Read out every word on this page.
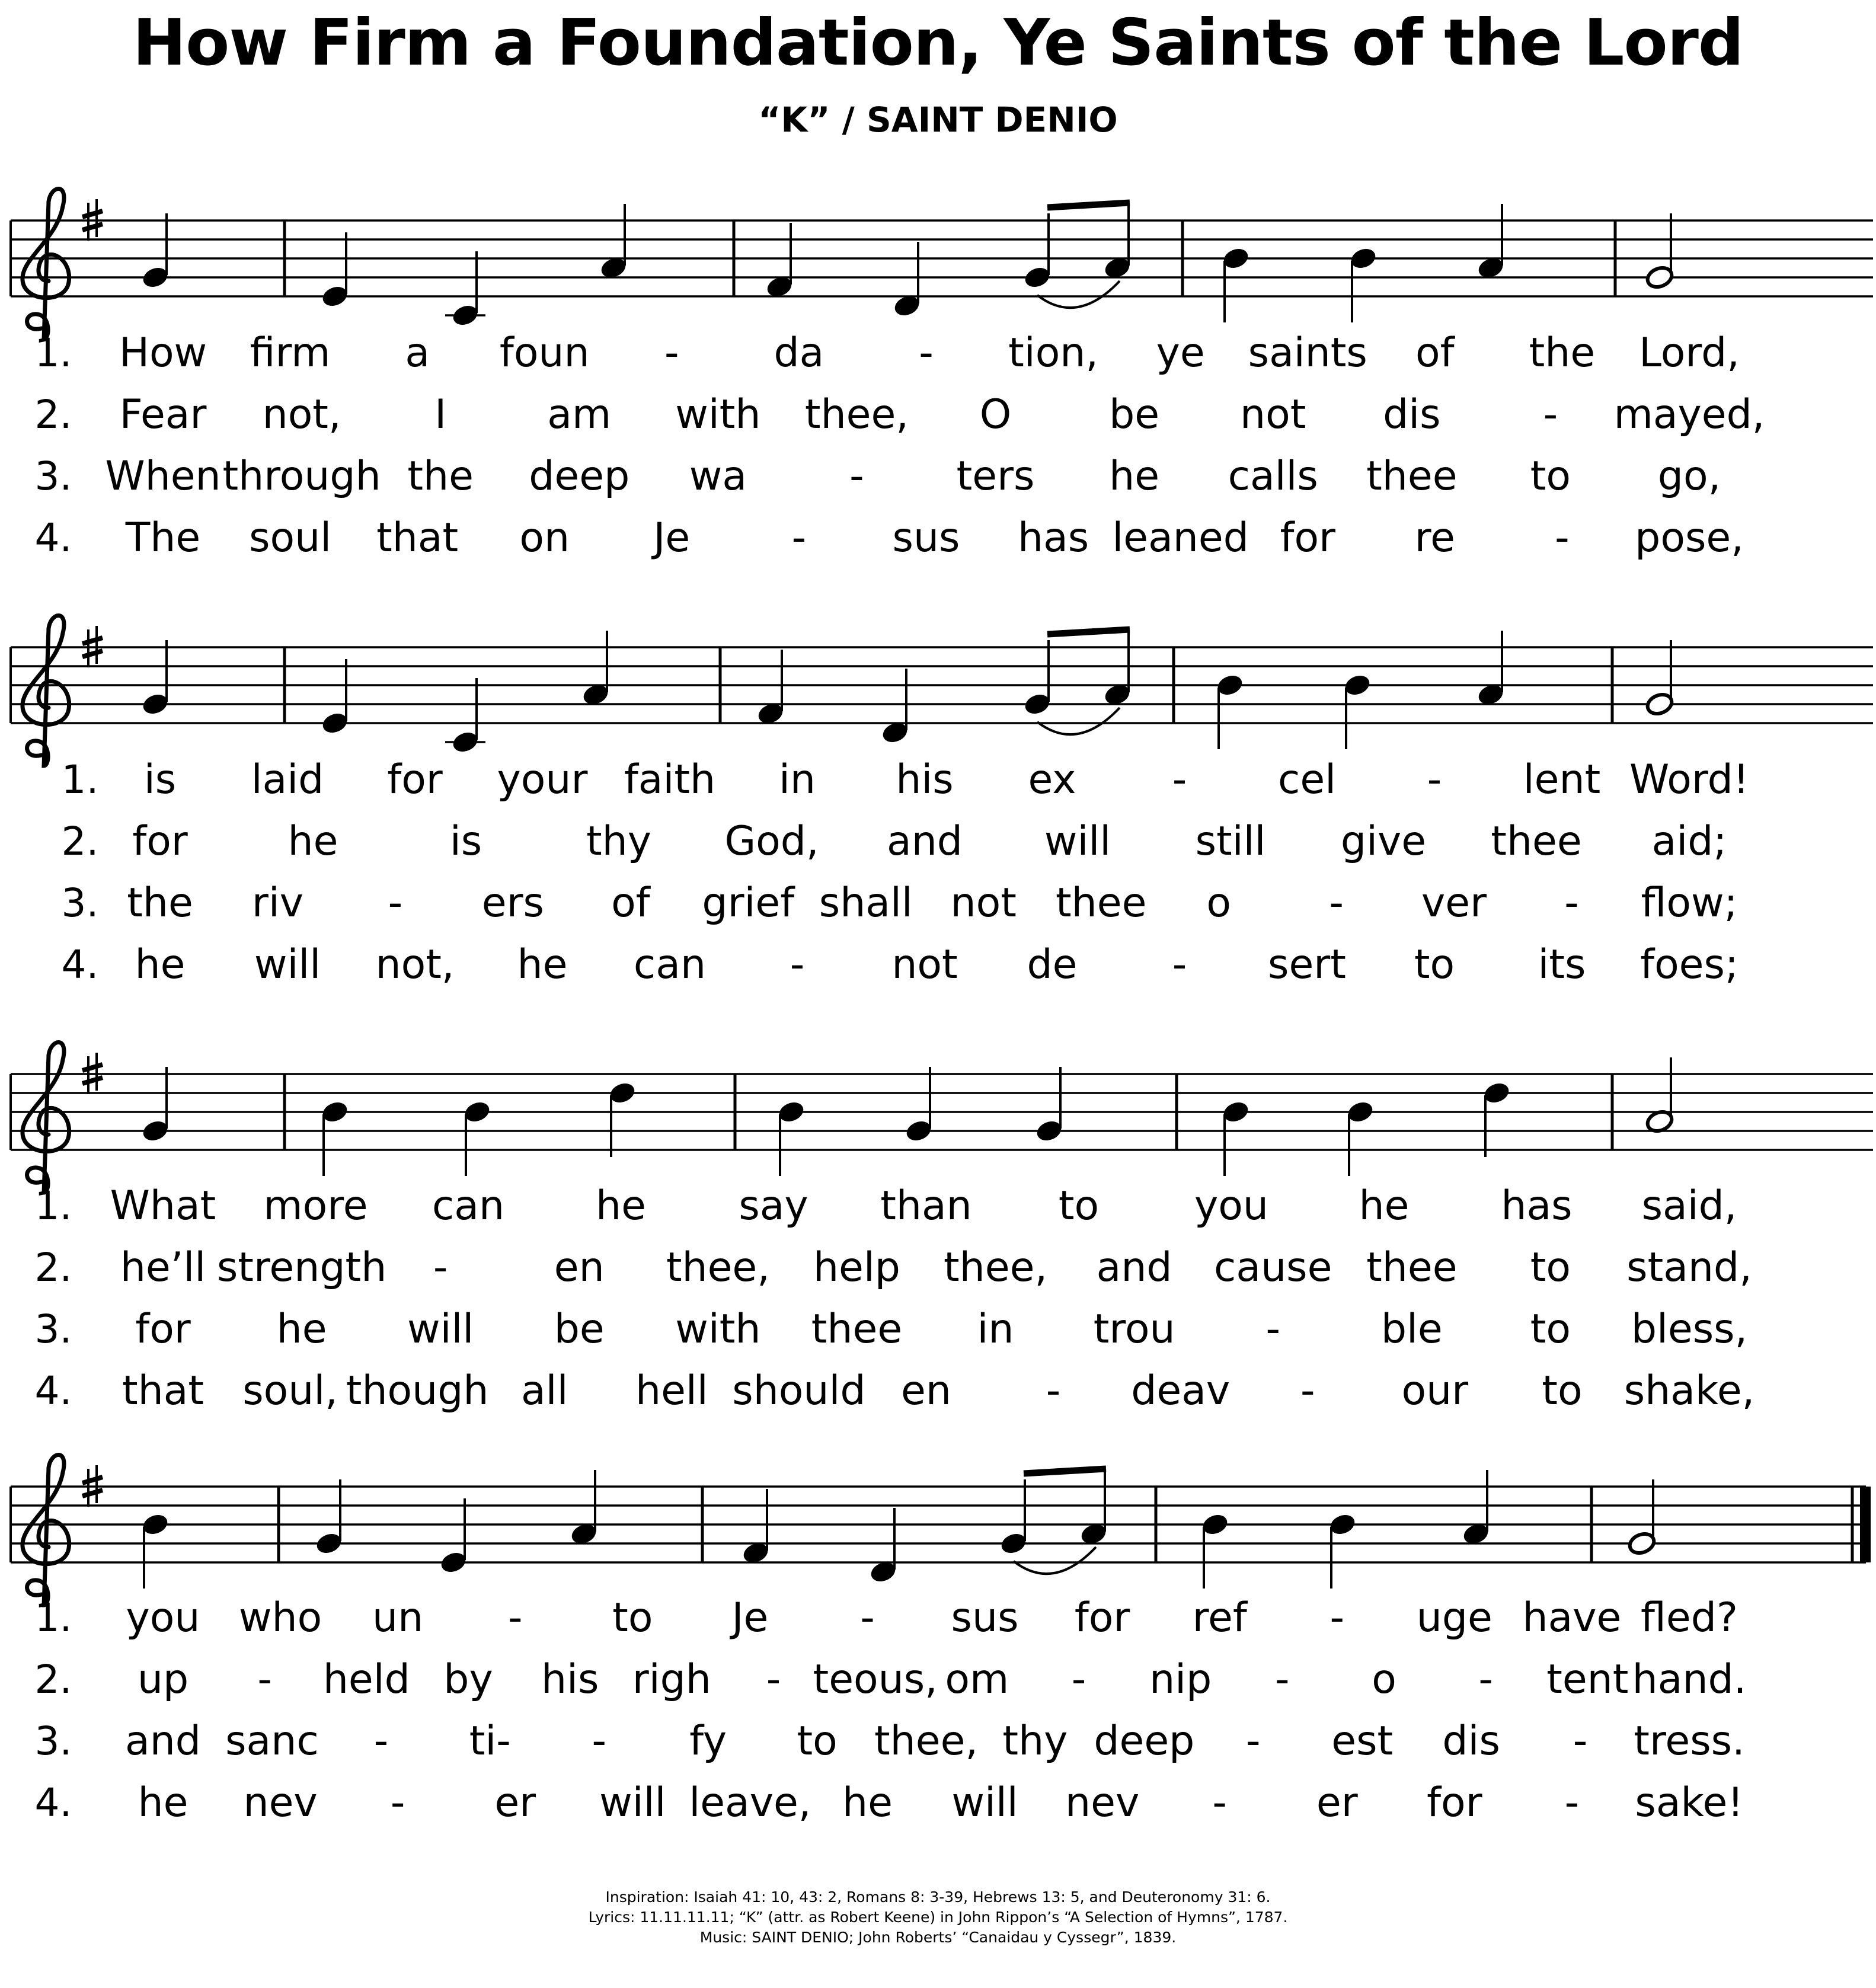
How Firm a Foundation, Ye Saints of the Lord
“K” / SAINT DENIO
1. How firm a foun - da - tion, ye saints of the Lord,
2. Fear not, I	am with thee, O be not dis	- mayed,
3. When through the deep wa	- ters he calls thee to go,
4. The soul that on Je	- sus has leaned for re - pose,
1. is laid for your faith in his ex - cel - lent Word!
2. for he	is	thy God, and will still give thee aid;
3. the riv - ers of grief shall not thee o - ver - flow;
4. he will not, he can - not de - sert to its foes;
1. What more can he say than to you he has said,
2. he’ll strength -	en thee, help thee, and cause thee to stand,
3. for he will be with thee in trou - ble to bless,
4. that soul, though all hell should en - deav - our to shake,
1. you who un - to Je - sus for ref - uge have fled?
2. up - held by his righ - teous, om - nip - o - tent hand.
3. and sanc - ti- - fy to thee, thy deep - est dis - tress.
4. he nev - er will leave, he will nev - er for - sake!
Inspiration: Isaiah 41: 10, 43: 2, Romans 8: 3-39, Hebrews 13: 5, and Deuteronomy 31: 6.
Lyrics: 11.11.11.11; “K” (attr. as Robert Keene) in John Rippon’s “A Selection of Hymns”, 1787.
Music: SAINT DENIO; John Roberts’ “Canaidau y Cyssegr”, 1839.
